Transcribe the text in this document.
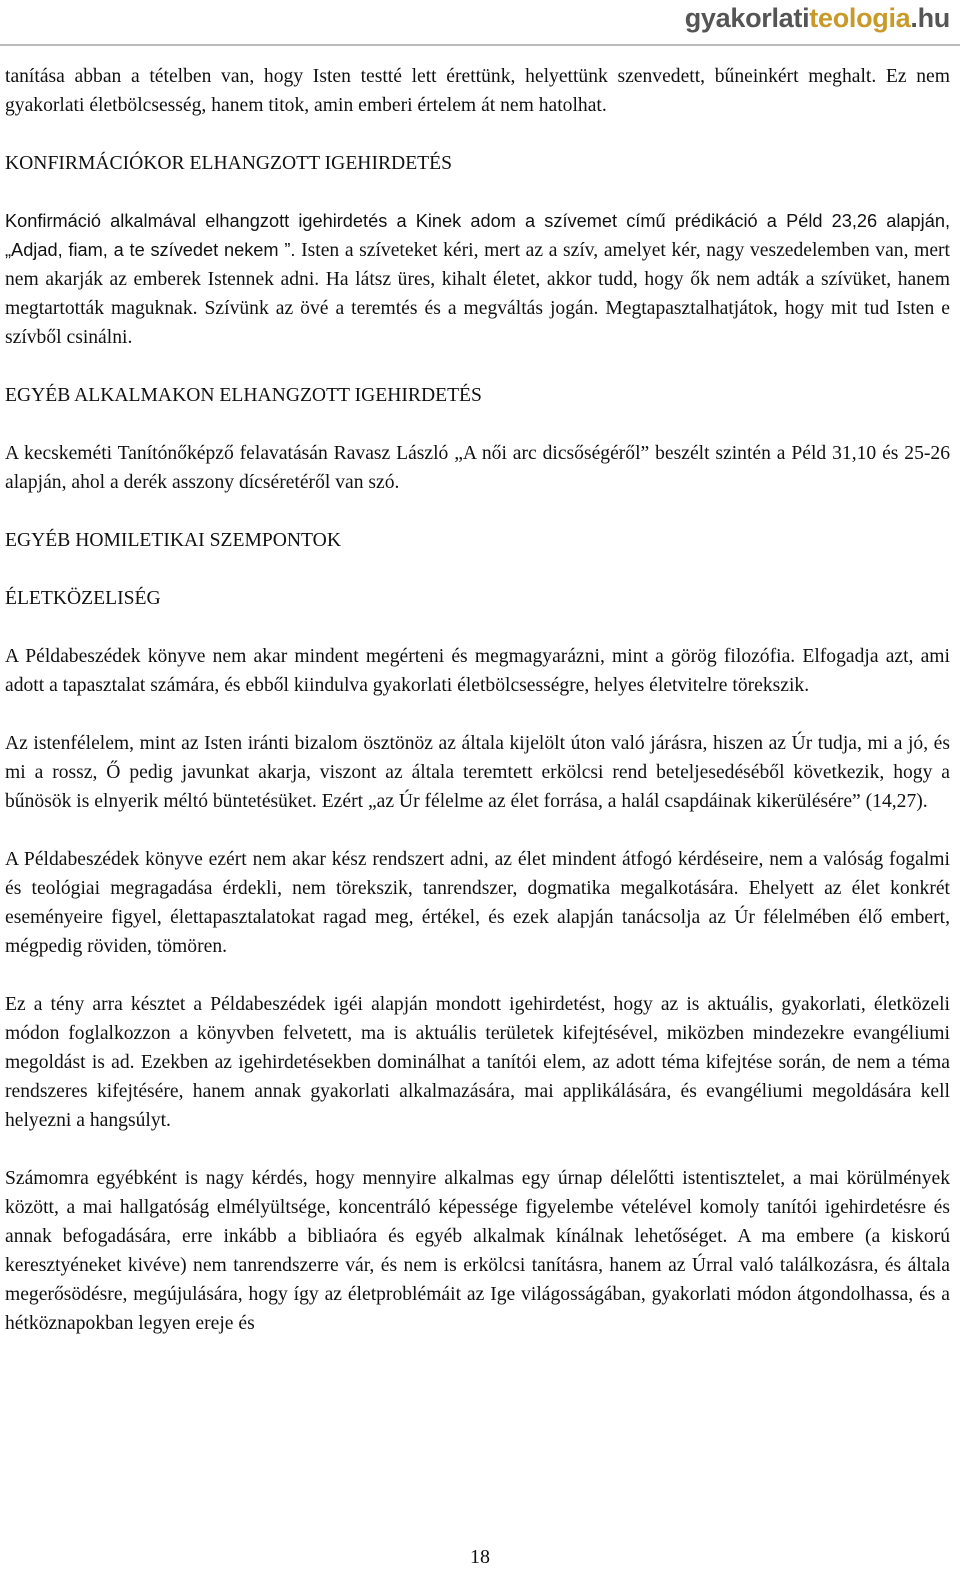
gyakorlatiteologia.hu

tanítása abban a tételben van, hogy Isten testté lett érettünk, helyettünk szenvedett, bűneinkért meghalt. Ez nem gyakorlati életbölcsesség, hanem titok, amin emberi értelem át nem hatolhat.

KONFIRMÁCIÓKOR ELHANGZOTT IGEHIRDETÉS

Konfirmáció alkalmával elhangzott igehirdetés a Kinek adom a szívemet című prédikáció a Péld 23,26 alapján, „Adjad, fiam, a te szívedet nekem ”. Isten a szíveteket kéri, mert az a szív, amelyet kér, nagy veszedelemben van, mert nem akarják az emberek Istennek adni. Ha látsz üres, kihalt életet, akkor tudd, hogy ők nem adták a szívüket, hanem megtartották maguknak. Szívünk az övé a teremtés és a megváltás jogán. Megtapasztalhatjátok, hogy mit tud Isten e szívből csinálni.

EGYÉB ALKALMAKON ELHANGZOTT IGEHIRDETÉS

A kecskeméti Tanítónőképző felavatásán Ravasz László „A női arc dicsőségéről” beszélt szintén a Péld 31,10 és 25-26 alapján, ahol a derék asszony dícséretéről van szó.

EGYÉB HOMILETIKAI SZEMPONTOK
ÉLETKÖZELISÉG

A Példabeszédek könyve nem akar mindent megérteni és megmagyarázni, mint a görög filozófia. Elfogadja azt, ami adott a tapasztalat számára, és ebből kiindulva gyakorlati életbölcsességre, helyes életvitelre törekszik.

Az istenfélelem, mint az Isten iránti bizalom ösztönöz az általa kijelölt úton való járásra, hiszen az Úr tudja, mi a jó, és mi a rossz, Ő pedig javunkat akarja, viszont az általa teremtett erkölcsi rend beteljesedéséből következik, hogy a bűnösök is elnyerik méltó büntetésüket. Ezért „az Úr félelme az élet forrása, a halál csapdáinak kikerülésére” (14,27).

A Példabeszédek könyve ezért nem akar kész rendszert adni, az élet mindent átfogó kérdéseire, nem a valóság fogalmi és teológiai megragadása érdekli, nem törekszik, tanrendszer, dogmatika megalkotására. Ehelyett az élet konkrét eseményeire figyel, élettapasztalatokat ragad meg, értékel, és ezek alapján tanácsolja az Úr félelmében élő embert, mégpedig röviden, tömören.

Ez a tény arra késztet a Példabeszédek igéi alapján mondott igehirdetést, hogy az is aktuális, gyakorlati, életközeli módon foglalkozzon a könyvben felvetett, ma is aktuális területek kifejtésével, miközben mindezekre evangéliumi megoldást is ad. Ezekben az igehirdetésekben dominálhat a tanítói elem, az adott téma kifejtése során, de nem a téma rendszeres kifejtésére, hanem annak gyakorlati alkalmazására, mai applikálására, és evangéliumi megoldására kell helyezni a hangsúlyt.

Számomra egyébként is nagy kérdés, hogy mennyire alkalmas egy úrnap délelőtti istentisztelet, a mai körülmények között, a mai hallgatóság elmélyültsége, koncentráló képessége figyelembe vételével komoly tanítói igehirdetésre és annak befogadására, erre inkább a bibliaóra és egyéb alkalmak kínálnak lehetőséget. A ma embere (a kiskorú keresztyéneket kivéve) nem tanrendszerre vár, és nem is erkölcsi tanításra, hanem az Úrral való találkozásra, és általa megerősödésre, megújulására, hogy így az életproblémáit az Ige világosságában, gyakorlati módon átgondolhassa, és a hétköznapokban legyen ereje és

18
